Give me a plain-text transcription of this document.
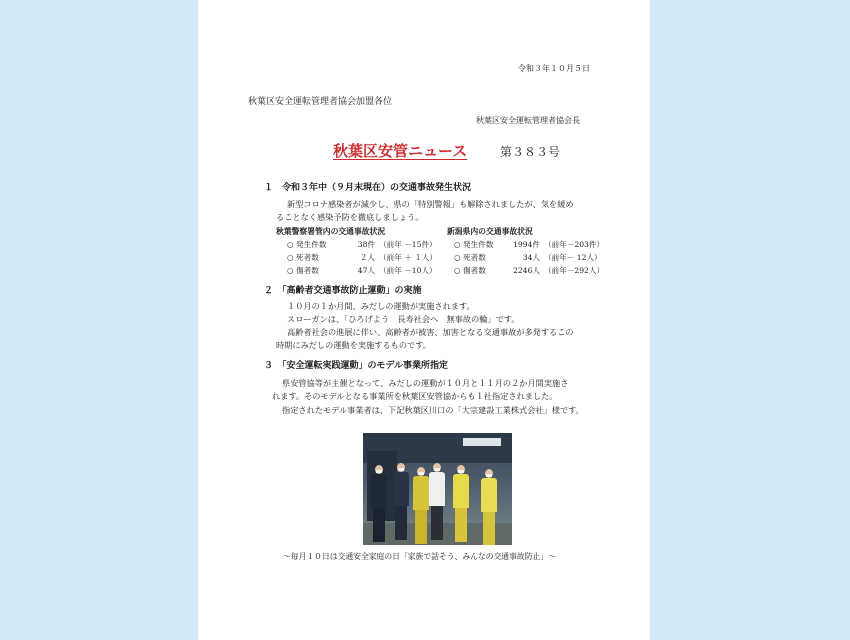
令和３年１０月５日
秋葉区安全運転管理者協会加盟各位
秋葉区安全運転管理者協会長
秋葉区安管ニュース	第３８３号
１　令和３年中（９月末現在）の交通事故発生状況
新型コロナ感染者が減少し、県の「特別警報」も解除されましたが、気を緩め
ることなく感染予防を徹底しましょう。
秋葉警察署管内の交通事故状況
○ 発生件数	38件 （前年 －15件）
○ 死者数	２人 （前年 ＋ １人）
○ 傷者数	47人 （前年 －10人）
新潟県内の交通事故状況
○ 発生件数	1994件 （前年－203件）
○ 死者数	34人 （前年－ 12人）
○ 傷者数	2246人 （前年－292人）
２　「高齢者交通事故防止運動」の実施
１０月の１か月間、みだしの運動が実施されます。
スローガンは、「ひろげよう　長寿社会へ　無事故の輪」です。
高齢者社会の進展に伴い、高齢者が被害、加害となる交通事故が多発するこの
時期にみだしの運動を実施するものです。
３　「安全運転実践運動」のモデル事業所指定
県安管協等が主催となって、みだしの運動が１０月と１１月の２か月間実施さ
れます。そのモデルとなる事業所を秋葉区安管協からも１社指定されました。
指定されたモデル事業者は、下記秋葉区川口の「大宗建設工業株式会社」様です。
～毎月１０日は交通安全家庭の日「家族で話そう、みんなの交通事故防止」～
